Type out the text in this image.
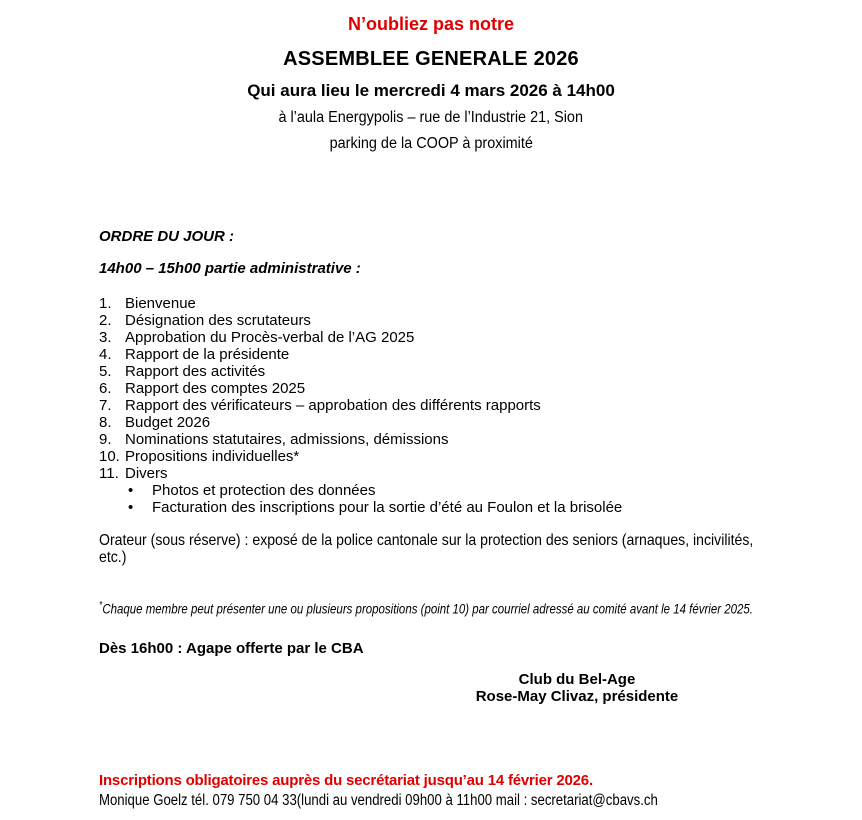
N’oubliez pas notre
ASSEMBLEE GENERALE 2026
Qui aura lieu le mercredi 4 mars 2026 à 14h00
à l’aula Energypolis – rue de l’Industrie 21, Sion
parking de la COOP à proximité
ORDRE DU JOUR :
14h00 – 15h00 partie administrative :
1. Bienvenue
2. Désignation des scrutateurs
3. Approbation du Procès-verbal de l’AG 2025
4. Rapport de la présidente
5. Rapport des activités
6. Rapport des comptes 2025
7. Rapport des vérificateurs – approbation des différents rapports
8. Budget 2026
9. Nominations statutaires, admissions, démissions
10. Propositions individuelles*
11. Divers
•
Photos et protection des données
•
Facturation des inscriptions pour la sortie d’été au Foulon et la brisolée
Orateur (sous réserve) : exposé de la police cantonale sur la protection des seniors (arnaques, incivilités,
etc.)

*Chaque membre peut présenter une ou plusieurs propositions (point 10) par courriel adressé au comité avant le 14 février 2025.

Dès 16h00 : Agape offerte par le CBA

Club du Bel-Age
Rose-May Clivaz, présidente
Inscriptions obligatoires auprès du secrétariat jusqu’au 14 février 2026.
Monique Goelz tél. 079 750 04 33(lundi au vendredi 09h00 à 11h00 mail : secretariat@cbavs.ch
